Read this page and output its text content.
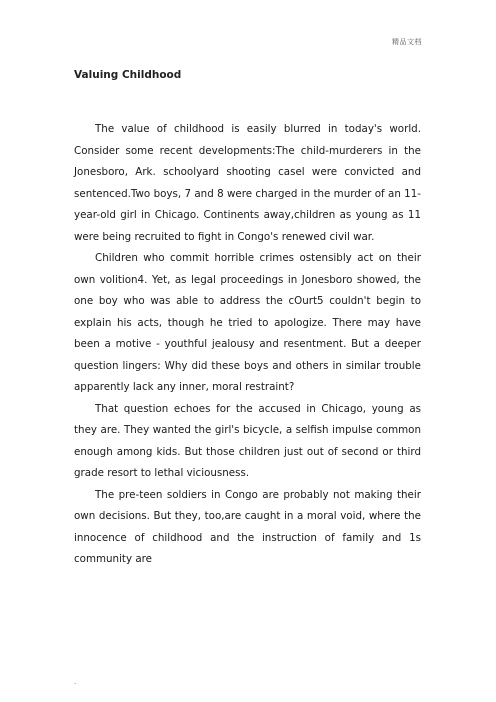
精品文档
Valuing Childhood

The value of childhood is easily blurred in today's world. Consider some recent developments:The child-murderers in the Jonesboro, Ark. schoolyard shooting casel were convicted and sentenced.Two boys, 7 and 8 were charged in the murder of an 11-year-old girl in Chicago. Continents away,children as young as 11 were being recruited to fight in Congo's renewed civil war.

Children who commit horrible crimes ostensibly act on their own volition4. Yet, as legal proceedings in Jonesboro showed, the one boy who was able to address the cOurt5 couldn't begin to explain his acts, though he tried to apologize. There may have been a motive - youthful jealousy and resentment. But a deeper question lingers: Why did these boys and others in similar trouble apparently lack any inner, moral restraint?

That question echoes for the accused in Chicago, young as they are. They wanted the girl's bicycle, a selfish impulse common enough among kids. But those children just out of second or third grade resort to lethal viciousness.

The pre-teen soldiers in Congo are probably not making their own decisions. But they, too,are caught in a moral void, where the innocence of childhood and the instruction of family and 1s community are

.
